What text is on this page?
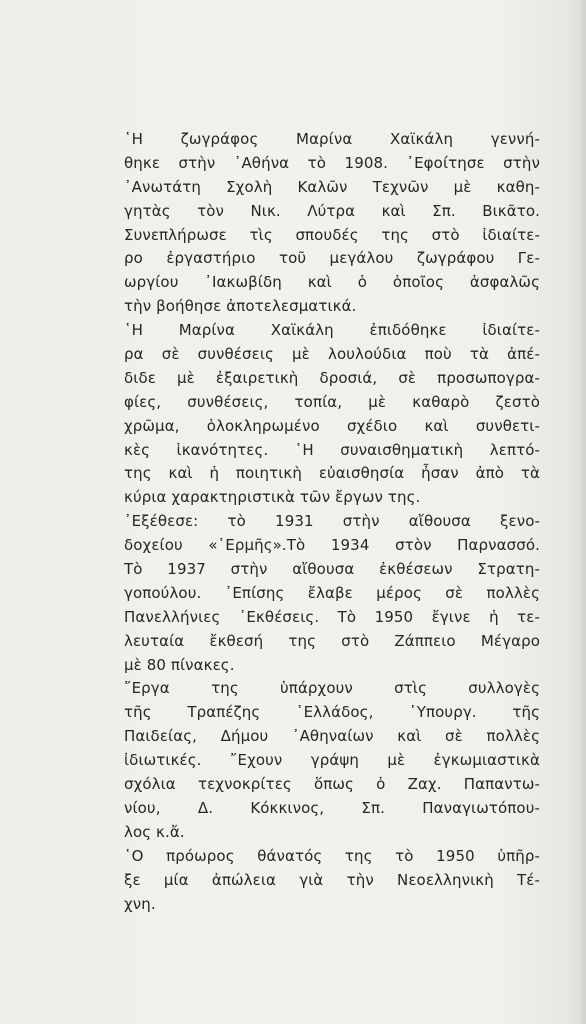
῾Η ζωγράφος Μαρίνα Χαϊκάλη γεννή-
θηκε στὴν ᾿Αθήνα τὸ 1908. ᾿Εφοίτησε στὴν
᾿Ανωτάτη Σχολὴ Καλῶν Τεχνῶν μὲ καθη-
γητὰς τὸν Νικ. Λύτρα καὶ Σπ. Βικᾶτο.
Συνεπλήρωσε τὶς σπουδές της στὸ ἰδιαίτε-
ρο ἐργαστήριο τοῦ μεγάλου ζωγράφου Γε-
ωργίου ᾿Ιακωβίδη καὶ ὁ ὁποῖος ἀσφαλῶς
τὴν βοήθησε ἀποτελεσματικά.
῾Η Μαρίνα Χαϊκάλη ἐπιδόθηκε ἰδιαίτε-
ρα σὲ συνθέσεις μὲ λουλούδια ποὺ τὰ ἀπέ-
διδε μὲ ἐξαιρετικὴ δροσιά, σὲ προσωπογρα-
φίες, συνθέσεις, τοπία, μὲ καθαρὸ ζεστὸ
χρῶμα, ὁλοκληρωμένο σχέδιο καὶ συνθετι-
κὲς ἱκανότητες. ῾Η συναισθηματικὴ λεπτό-
της καὶ ἡ ποιητικὴ εὐαισθησία ἦσαν ἀπὸ τὰ
κύρια χαρακτηριστικὰ τῶν ἔργων της.
᾿Εξέθεσε: τὸ 1931 στὴν αἴθουσα ξενο-
δοχείου «῾Ερμῆς».Τὸ 1934 στὸν Παρνασσό.
Τὸ 1937 στὴν αἴθουσα ἐκθέσεων Στρατη-
γοπούλου. ᾿Επίσης ἔλαβε μέρος σὲ πολλὲς
Πανελλήνιες ᾿Εκθέσεις. Τὸ 1950 ἔγινε ἡ τε-
λευταία ἔκθεσή της στὸ Ζάππειο Μέγαρο
μὲ 80 πίνακες.
῎Εργα της ὑπάρχουν στὶς συλλογὲς
τῆς Τραπέζης ῾Ελλάδος, ῾Υπουργ. τῆς
Παιδείας, Δήμου ᾿Αθηναίων καὶ σὲ πολλὲς
ἰδιωτικές. ῎Εχουν γράψη μὲ ἐγκωμιαστικὰ
σχόλια τεχνοκρίτες ὅπως ὁ Ζαχ. Παπαντω-
νίου, Δ. Κόκκινος, Σπ. Παναγιωτόπου-
λος κ.ἄ.
῾Ο πρόωρος θάνατός της τὸ 1950 ὑπῆρ-
ξε μία ἀπώλεια γιὰ τὴν Νεοελληνικὴ Τέ-
χνη.
